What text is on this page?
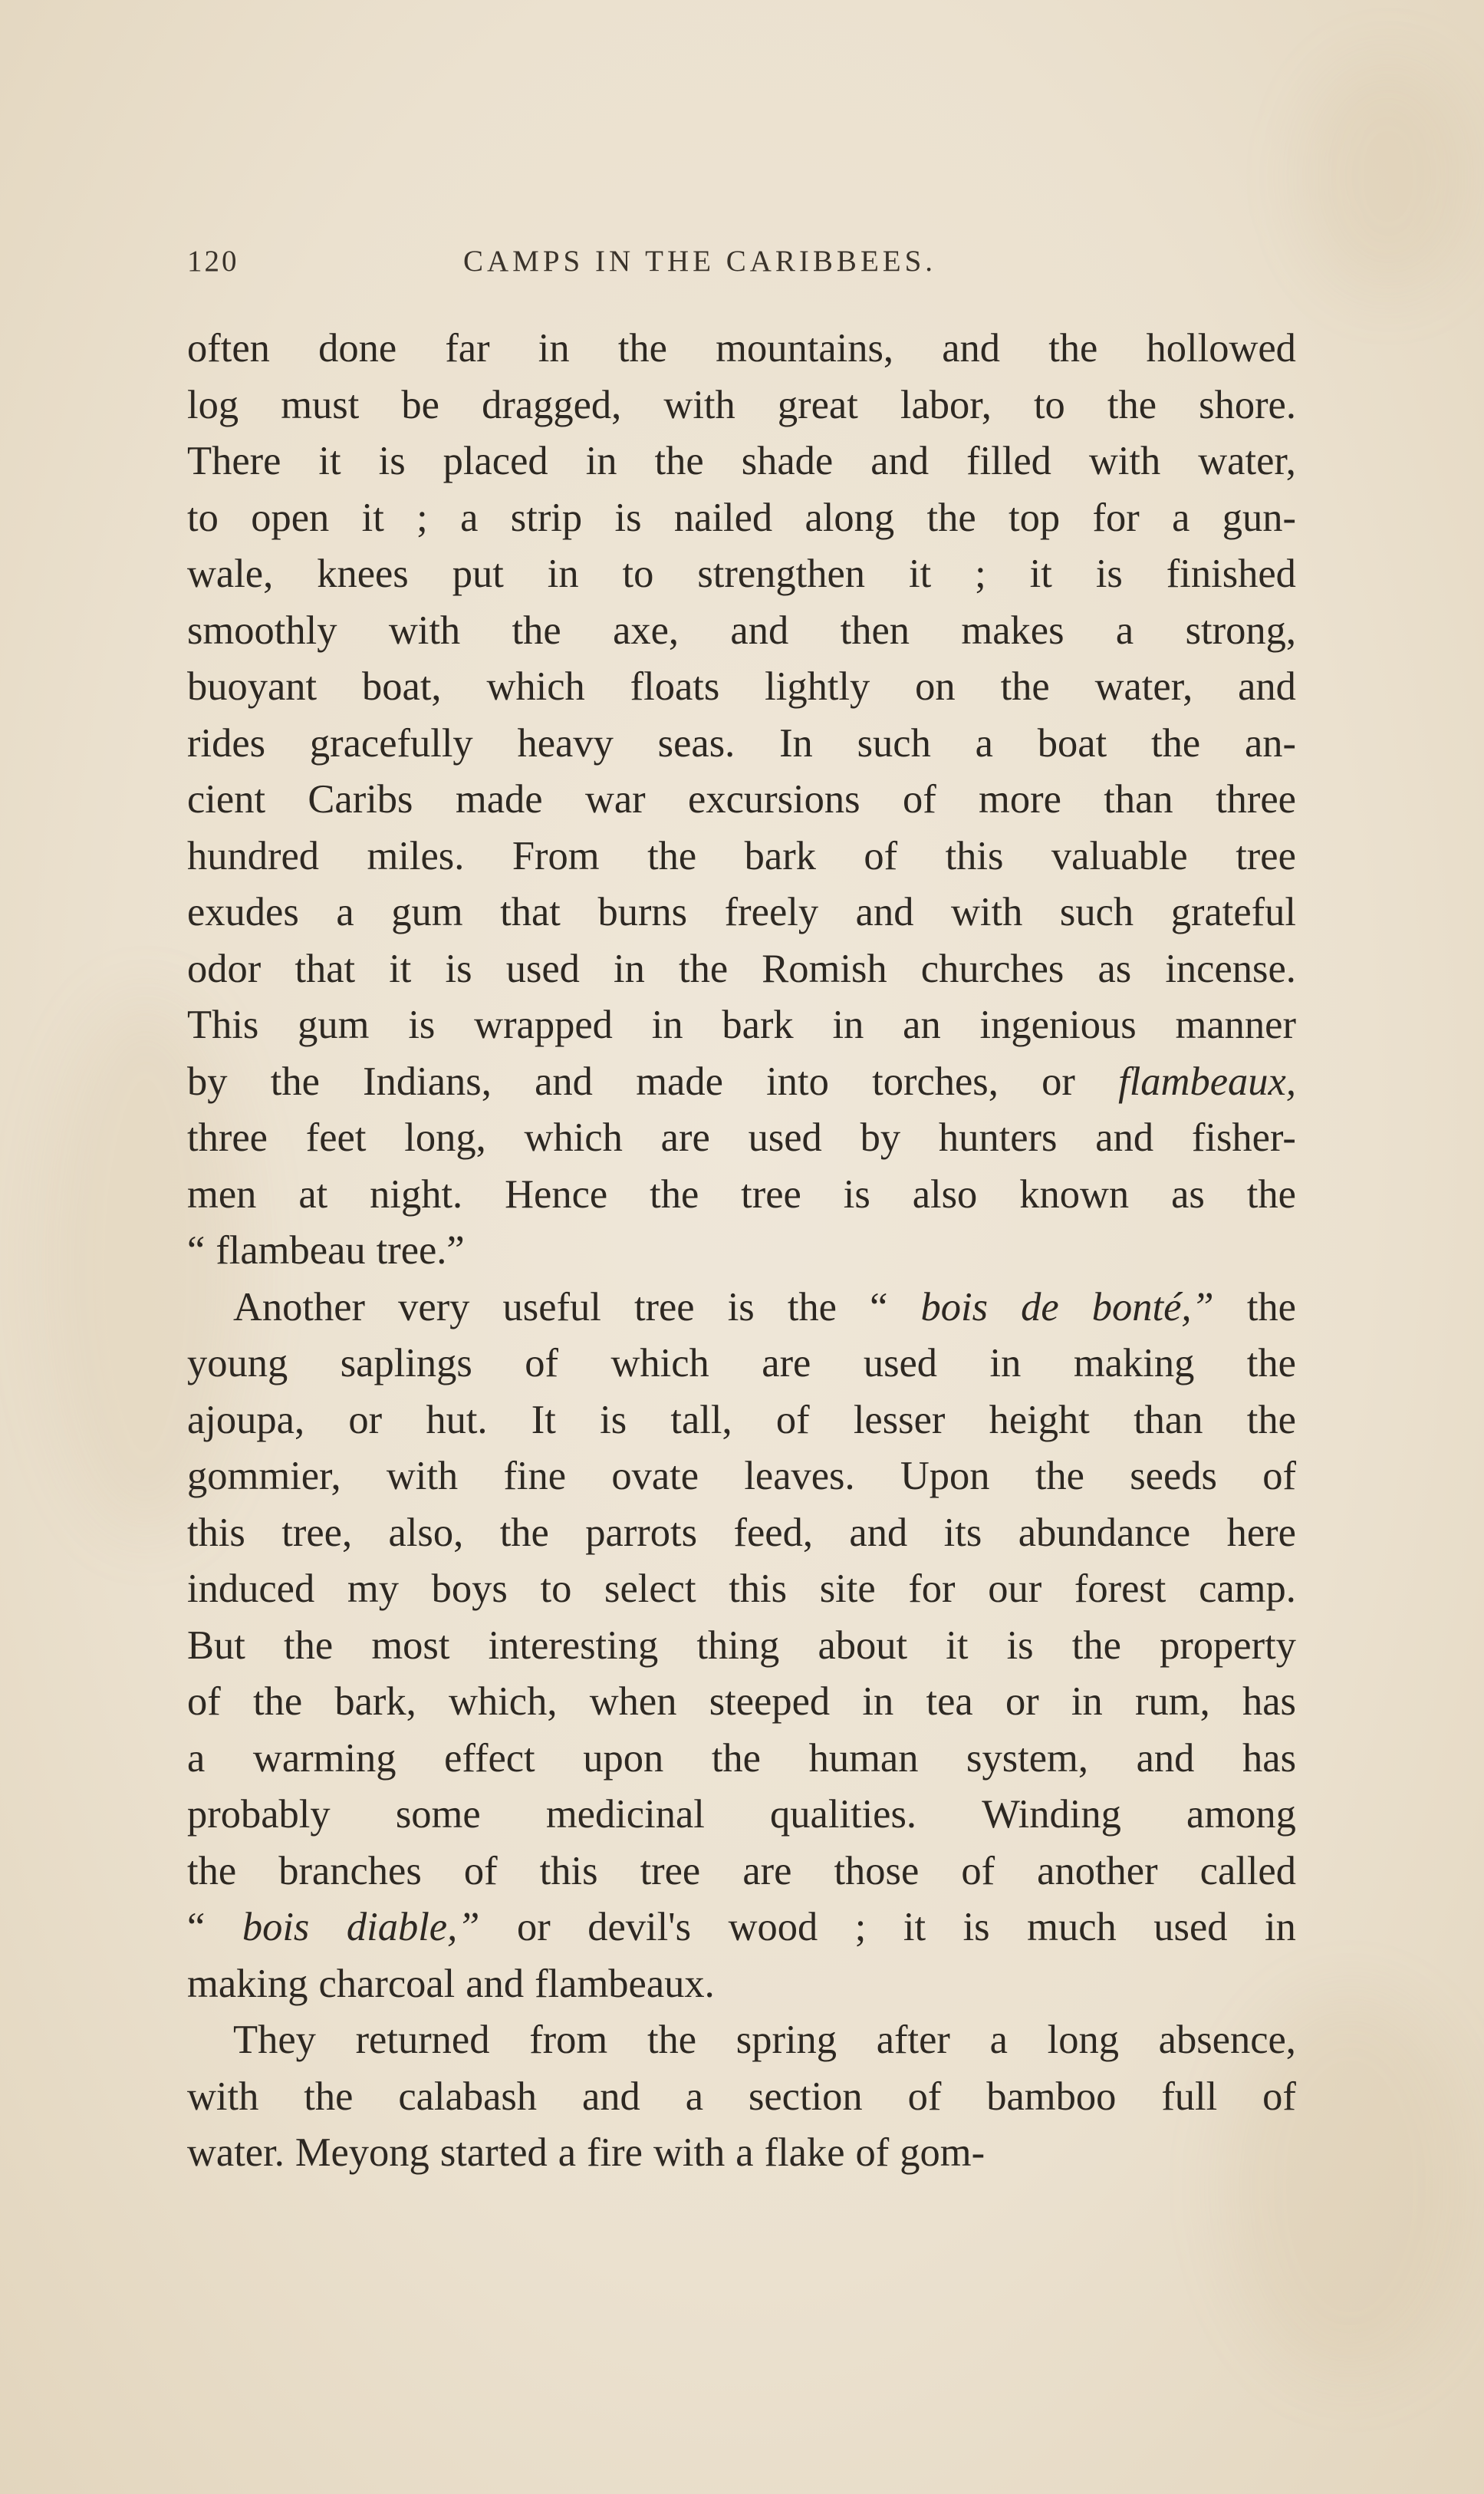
120	CAMPS IN THE CARIBBEES.
often done far in the mountains, and the hollowed
log must be dragged, with great labor, to the shore.
There it is placed in the shade and filled with water,
to open it ; a strip is nailed along the top for a gun-
wale, knees put in to strengthen it ; it is finished
smoothly with the axe, and then makes a strong,
buoyant boat, which floats lightly on the water, and
rides gracefully heavy seas. In such a boat the an-
cient Caribs made war excursions of more than three
hundred miles. From the bark of this valuable tree
exudes a gum that burns freely and with such grateful
odor that it is used in the Romish churches as incense.
This gum is wrapped in bark in an ingenious manner
by the Indians, and made into torches, or flambeaux,
three feet long, which are used by hunters and fisher-
men at night. Hence the tree is also known as the
“ flambeau tree.”
Another very useful tree is the “ bois de bonté,” the
young saplings of which are used in making the
ajoupa, or hut. It is tall, of lesser height than the
gommier, with fine ovate leaves. Upon the seeds of
this tree, also, the parrots feed, and its abundance here
induced my boys to select this site for our forest camp.
But the most interesting thing about it is the property
of the bark, which, when steeped in tea or in rum, has
a warming effect upon the human system, and has
probably some medicinal qualities. Winding among
the branches of this tree are those of another called
“ bois diable,” or devil's wood ; it is much used in
making charcoal and flambeaux.
They returned from the spring after a long absence,
with the calabash and a section of bamboo full of
water. Meyong started a fire with a flake of gom-
